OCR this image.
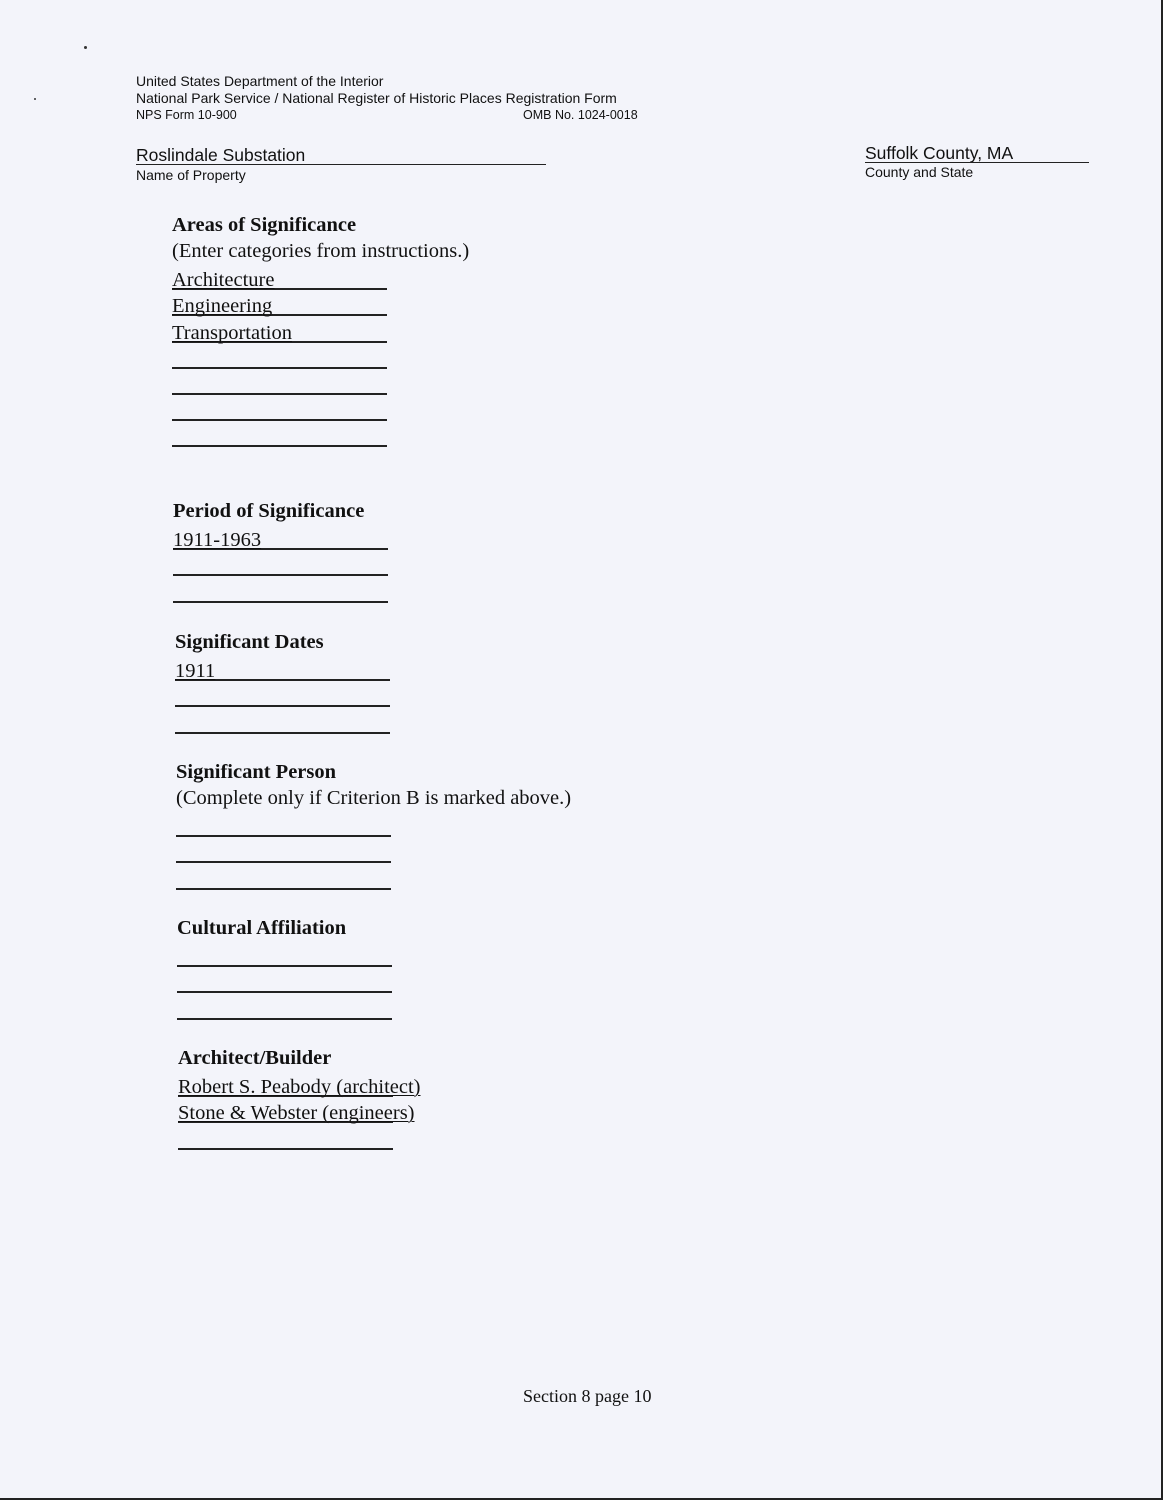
United States Department of the Interior
National Park Service / National Register of Historic Places Registration Form
NPS Form 10-900	OMB No. 1024-0018
Roslindale Substation
Name of Property
Suffolk County, MA
County and State
Areas of Significance
(Enter categories from instructions.)
Architecture
Engineering
Transportation
Period of Significance
1911-1963
Significant Dates
1911
Significant Person
(Complete only if Criterion B is marked above.)
Cultural Affiliation
Architect/Builder
Robert S. Peabody (architect)
Stone & Webster (engineers)
Section 8 page 10
